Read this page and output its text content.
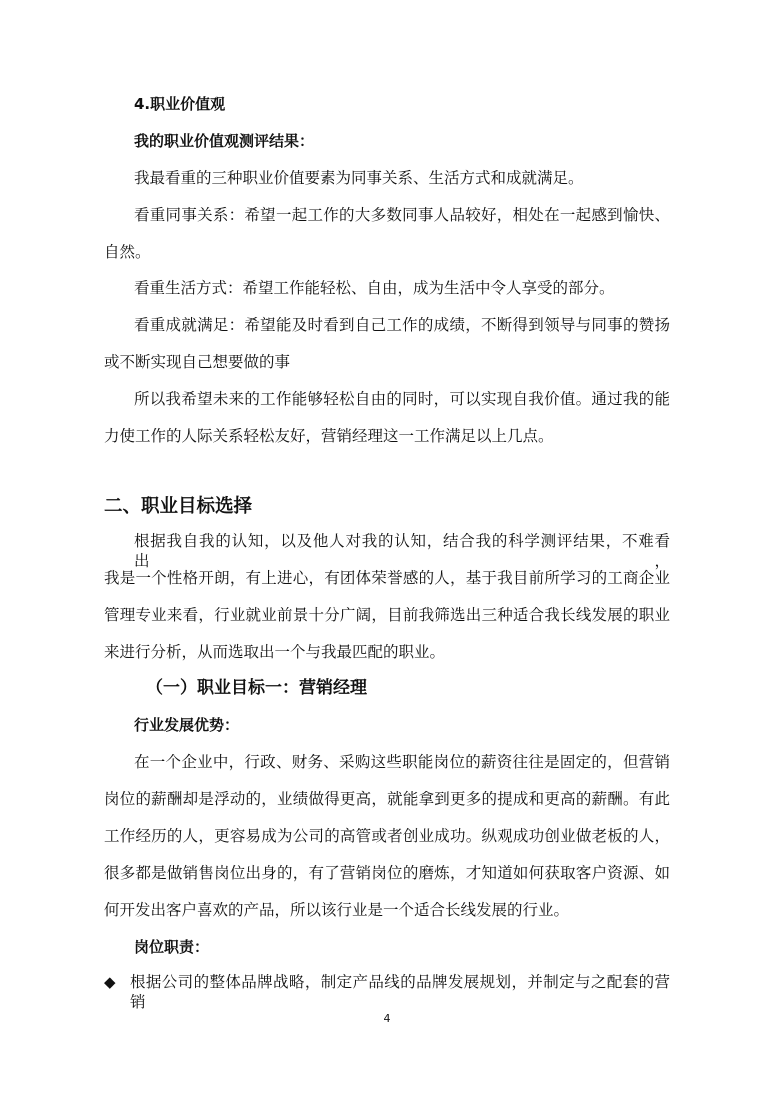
4.职业价值观
我的职业价值观测评结果：
我最看重的三种职业价值要素为同事关系、生活方式和成就满足。
看重同事关系：希望一起工作的大多数同事人品较好，相处在一起感到愉快、
自然。
看重生活方式：希望工作能轻松、自由，成为生活中令人享受的部分。
看重成就满足：希望能及时看到自己工作的成绩，不断得到领导与同事的赞扬
或不断实现自己想要做的事
所以我希望未来的工作能够轻松自由的同时，可以实现自我价值。通过我的能
力使工作的人际关系轻松友好，营销经理这一工作满足以上几点。
二、职业目标选择
根据我自我的认知，以及他人对我的认知，结合我的科学测评结果，不难看出，
我是一个性格开朗，有上进心，有团体荣誉感的人，基于我目前所学习的工商企业
管理专业来看，行业就业前景十分广阔，目前我筛选出三种适合我长线发展的职业
来进行分析，从而选取出一个与我最匹配的职业。
（一）职业目标一：营销经理
行业发展优势：
在一个企业中，行政、财务、采购这些职能岗位的薪资往往是固定的，但营销
岗位的薪酬却是浮动的，业绩做得更高，就能拿到更多的提成和更高的薪酬。有此
工作经历的人，更容易成为公司的高管或者创业成功。纵观成功创业做老板的人，
很多都是做销售岗位出身的，有了营销岗位的磨炼，才知道如何获取客户资源、如
何开发出客户喜欢的产品，所以该行业是一个适合长线发展的行业。
岗位职责：
◆ 根据公司的整体品牌战略，制定产品线的品牌发展规划，并制定与之配套的营销
4
